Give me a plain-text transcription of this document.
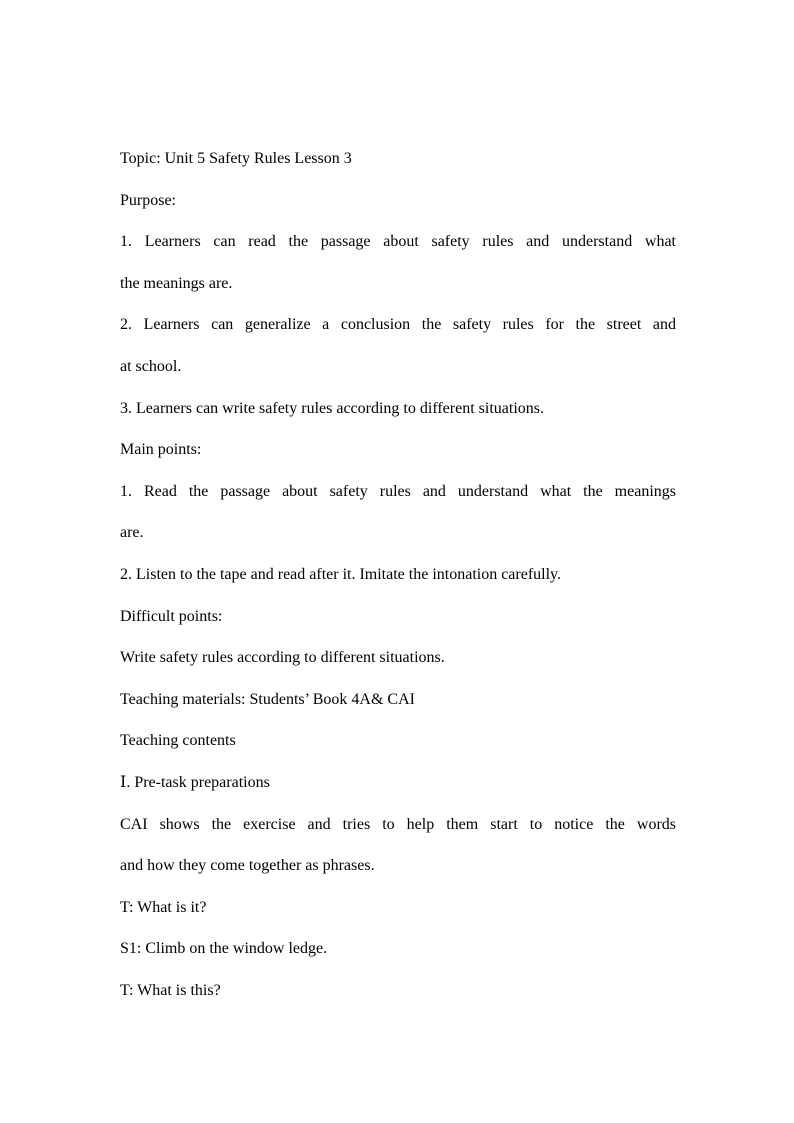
Topic: Unit 5 Safety Rules Lesson 3
Purpose:
1. Learners can read the passage about safety rules and understand what
the meanings are.
2. Learners can generalize a conclusion the safety rules for the street and
at school.
3. Learners can write safety rules according to different situations.
Main points:
1. Read the passage about safety rules and understand what the meanings
are.
2. Listen to the tape and read after it. Imitate the intonation carefully.
Difficult points:
Write safety rules according to different situations.
Teaching materials: Students’ Book 4A& CAI
Teaching contents
Ⅰ. Pre-task preparations
CAI shows the exercise and tries to help them start to notice the words
and how they come together as phrases.
T: What is it?
S1: Climb on the window ledge.
T: What is this?
